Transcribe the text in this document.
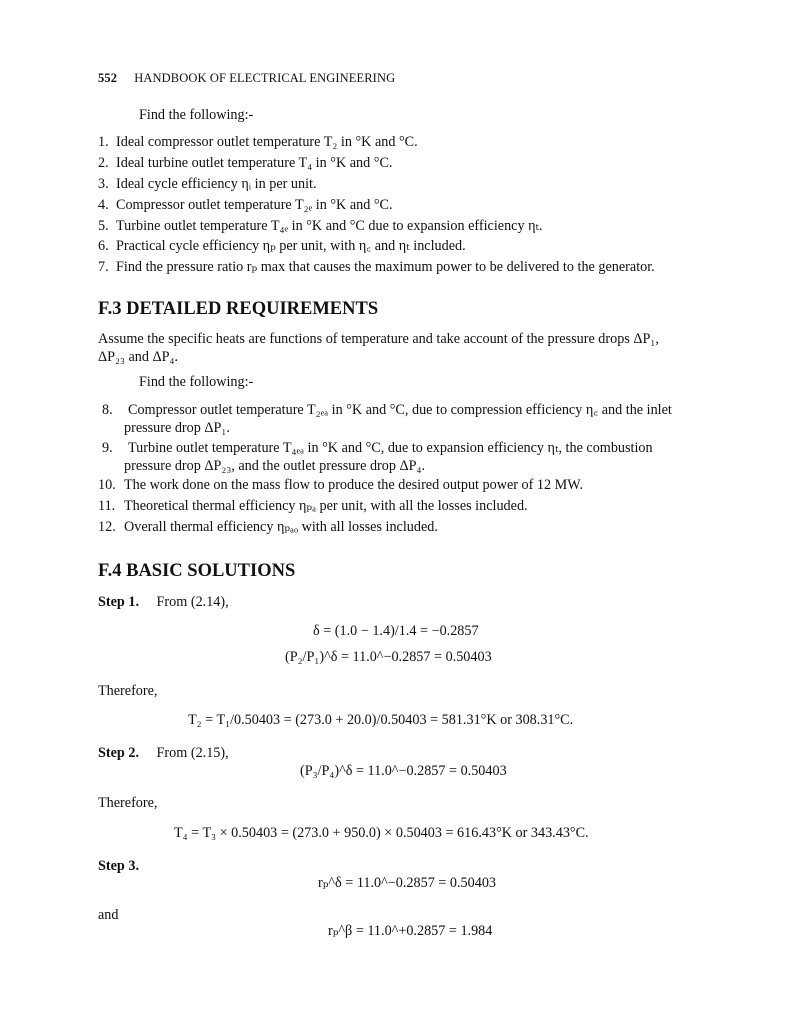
552 HANDBOOK OF ELECTRICAL ENGINEERING
Find the following:-
1. Ideal compressor outlet temperature T₂ in °K and °C.
2. Ideal turbine outlet temperature T₄ in °K and °C.
3. Ideal cycle efficiency ηᵢ in per unit.
4. Compressor outlet temperature T₂ₑ in °K and °C.
5. Turbine outlet temperature T₄ₑ in °K and °C due to expansion efficiency ηₜ.
6. Practical cycle efficiency ηₚ per unit, with η꜀ and ηₜ included.
7. Find the pressure ratio rₚ max that causes the maximum power to be delivered to the generator.
F.3 DETAILED REQUIREMENTS
Assume the specific heats are functions of temperature and take account of the pressure drops ΔP₁,
ΔP₂₃ and ΔP₄.
Find the following:-
8. Compressor outlet temperature T₂ₑₐ in °K and °C, due to compression efficiency η꜀ and the inlet
pressure drop ΔP₁.
9. Turbine outlet temperature T₄ₑₐ in °K and °C, due to expansion efficiency ηₜ, the combustion
pressure drop ΔP₂₃, and the outlet pressure drop ΔP₄.
10. The work done on the mass flow to produce the desired output power of 12 MW.
11. Theoretical thermal efficiency ηₚₐ per unit, with all the losses included.
12. Overall thermal efficiency ηₚₐₒ with all losses included.
F.4 BASIC SOLUTIONS
Step 1. From (2.14),
δ = (1.0 − 1.4)/1.4 = −0.2857
(P₂/P₁)^δ = 11.0^−0.2857 = 0.50403
Therefore,
T₂ = T₁/0.50403 = (273.0 + 20.0)/0.50403 = 581.31°K or 308.31°C.
Step 2. From (2.15),
(P₃/P₄)^δ = 11.0^−0.2857 = 0.50403
Therefore,
T₄ = T₃ × 0.50403 = (273.0 + 950.0) × 0.50403 = 616.43°K or 343.43°C.
Step 3.
rₚ^δ = 11.0^−0.2857 = 0.50403
and
rₚ^β = 11.0^+0.2857 = 1.984
